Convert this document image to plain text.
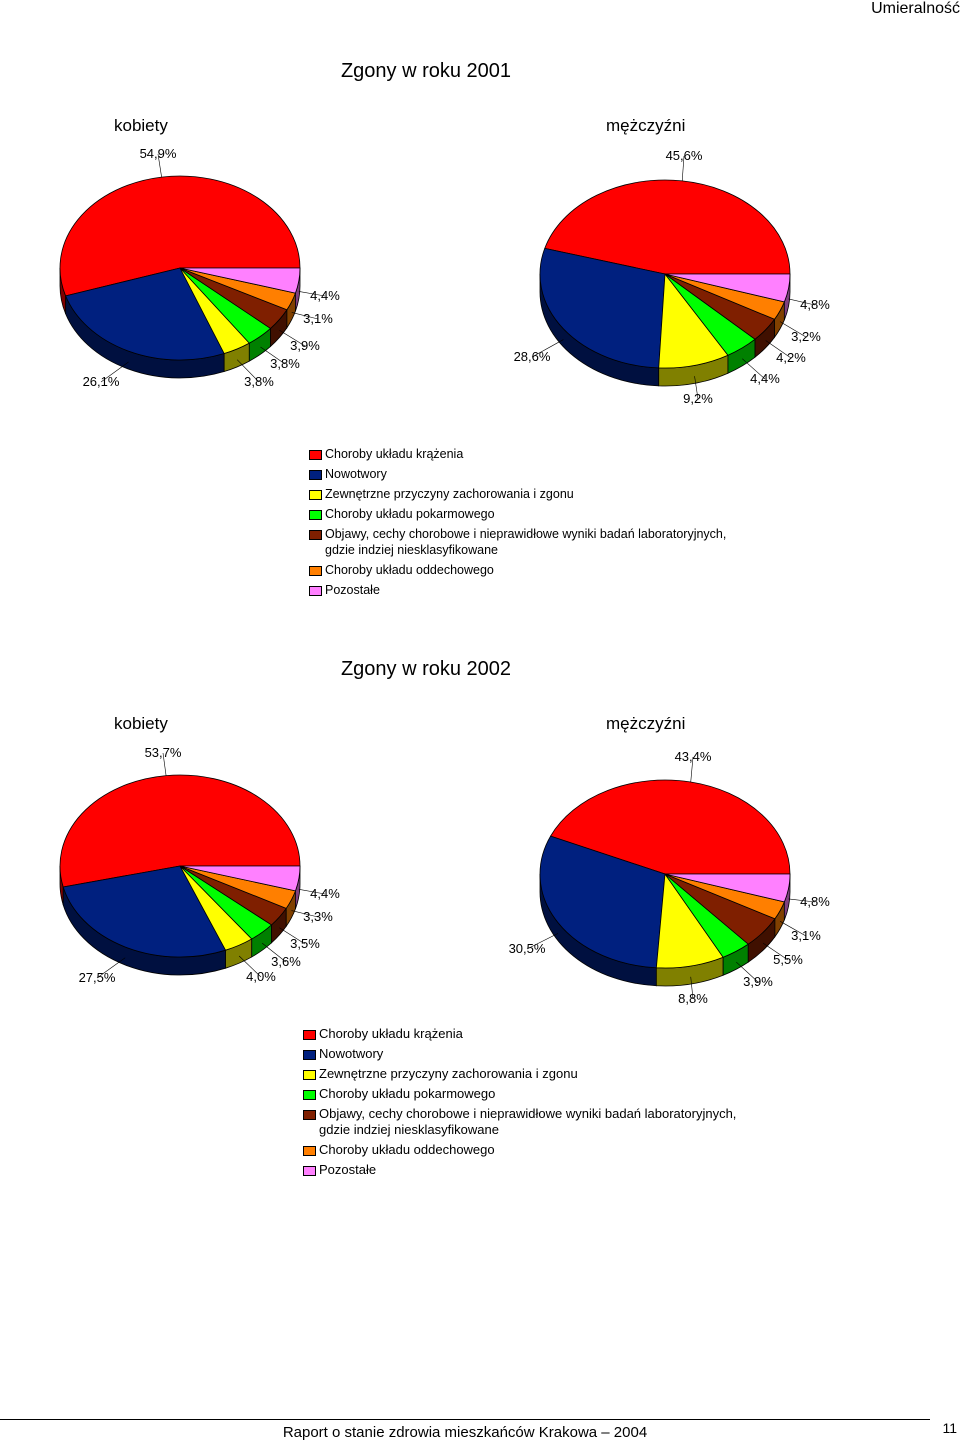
Umieralność
Zgony w roku 2001
kobiety	mężczyźni
54,9%
26,1%	3,8%
3,8%
3,9%
3,1%
4,4%
45,6%
28,6%
9,2%
4,4%
4,2%
3,2%
4,8%
Choroby układu krążenia
Nowotwory
Zewnętrzne przyczyny zachorowania i zgonu
Choroby układu pokarmowego
Objawy, cechy chorobowe i nieprawidłowe wyniki badań laboratoryjnych,
gdzie indziej niesklasyfikowane
Choroby układu oddechowego
Pozostałe
Zgony w roku 2002
kobiety	mężczyźni
53,7%
27,5%	4,0%
3,6%
3,5%
3,3%
4,4%
43,4%
30,5%
8,8%
3,9%
5,5%
3,1%
4,8%
Choroby układu krążenia
Nowotwory
Zewnętrzne przyczyny zachorowania i zgonu
Choroby układu pokarmowego
Objawy, cechy chorobowe i nieprawidłowe wyniki badań laboratoryjnych,
gdzie indziej niesklasyfikowane
Choroby układu oddechowego
Pozostałe
Raport o stanie zdrowia mieszkańców Krakowa – 2004	11
